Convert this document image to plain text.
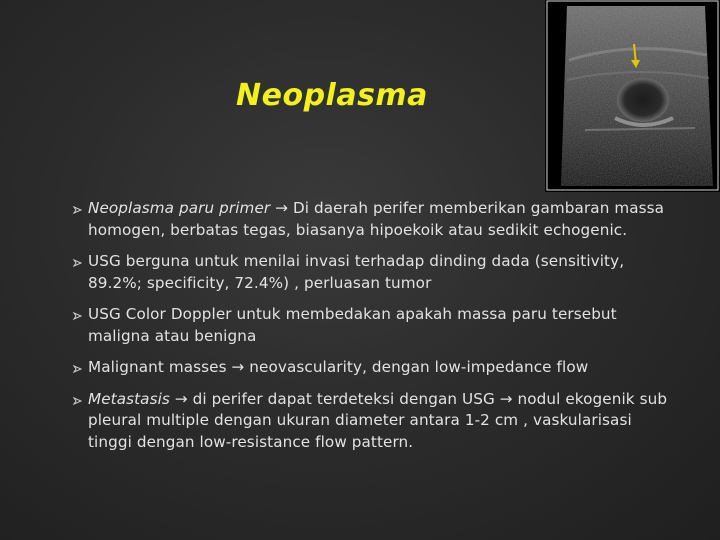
Neoplasma
Neoplasma paru primer → Di daerah perifer memberikan gambaran massa homogen, berbatas tegas, biasanya hipoekoik atau sedikit echogenic.
USG berguna untuk menilai invasi terhadap dinding dada (sensitivity, 89.2%; specificity, 72.4%) , perluasan tumor
USG Color Doppler untuk membedakan apakah massa paru tersebut maligna atau benigna
Malignant masses → neovascularity, dengan low-impedance flow
Metastasis → di perifer dapat terdeteksi dengan USG → nodul ekogenik sub pleural multiple dengan ukuran diameter antara 1-2 cm , vaskularisasi tinggi dengan low-resistance flow pattern.
